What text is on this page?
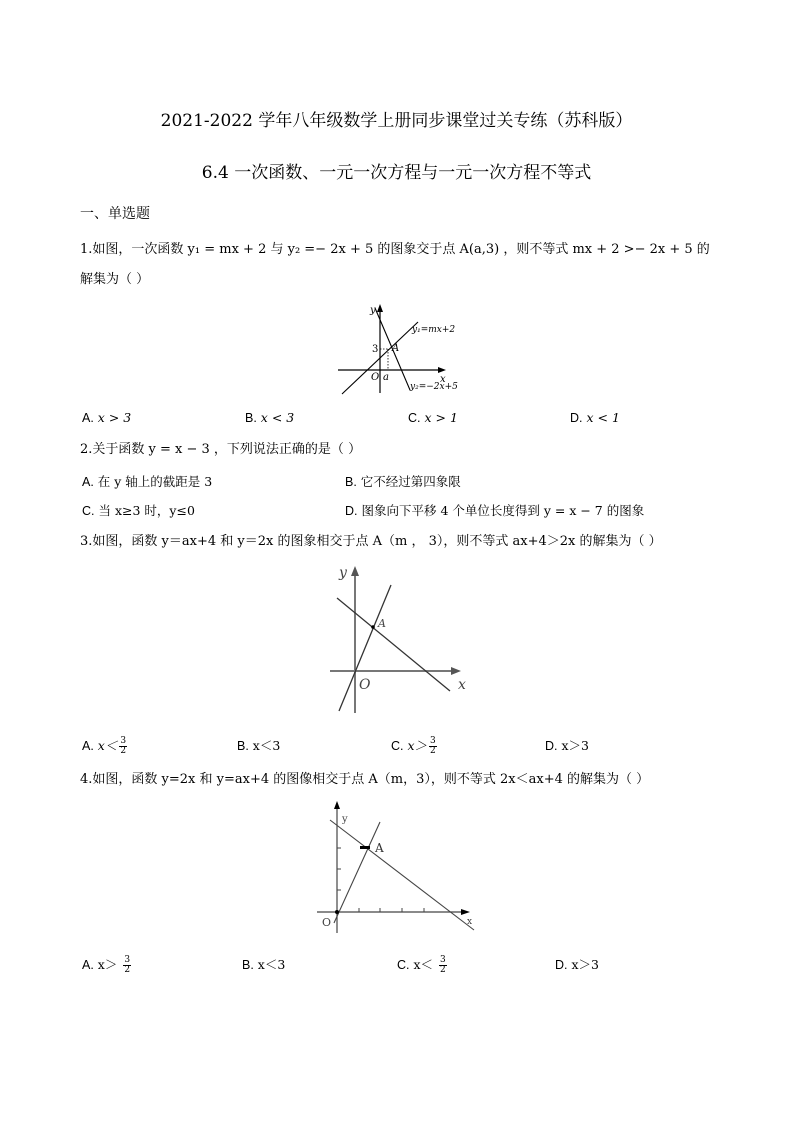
2021-2022 学年八年级数学上册同步课堂过关专练（苏科版）
6.4 一次函数、一元一次方程与一元一次方程不等式
一、单选题
1.如图，一次函数 y₁ = mx + 2 与 y₂ =− 2x + 5 的图象交于点 A(a,3) ，则不等式 mx + 2 >− 2x + 5 的
解集为（ ）
y
x
O a
3 A
y₁=mx+2
y₂=−2x+5
A. x > 3	B. x < 3	C. x > 1	D. x < 1
2.关于函数 y = x − 3 ，下列说法正确的是（ ）
A. 在 y 轴上的截距是 3	B. 它不经过第四象限
C. 当 x≥3 时，y≤0	D. 图象向下平移 4 个单位长度得到 y = x − 7 的图象
3.如图，函数 y＝ax+4 和 y＝2x 的图象相交于点 A（m ， 3），则不等式 ax+4＞2x 的解集为（ ）
y
x
O
A
A. $x< \frac{3}{2}$	B. x＜3	C. $x> \frac{3}{2}$	D. x＞3
4.如图，函数 y=2x 和 y=ax+4 的图像相交于点 A（m，3），则不等式 2x＜ax+4 的解集为（ ）
y
x
O
A
A. $x> \frac{3}{2}$	B. x＜3	C. $x< \frac{3}{2}$	D. x＞3
